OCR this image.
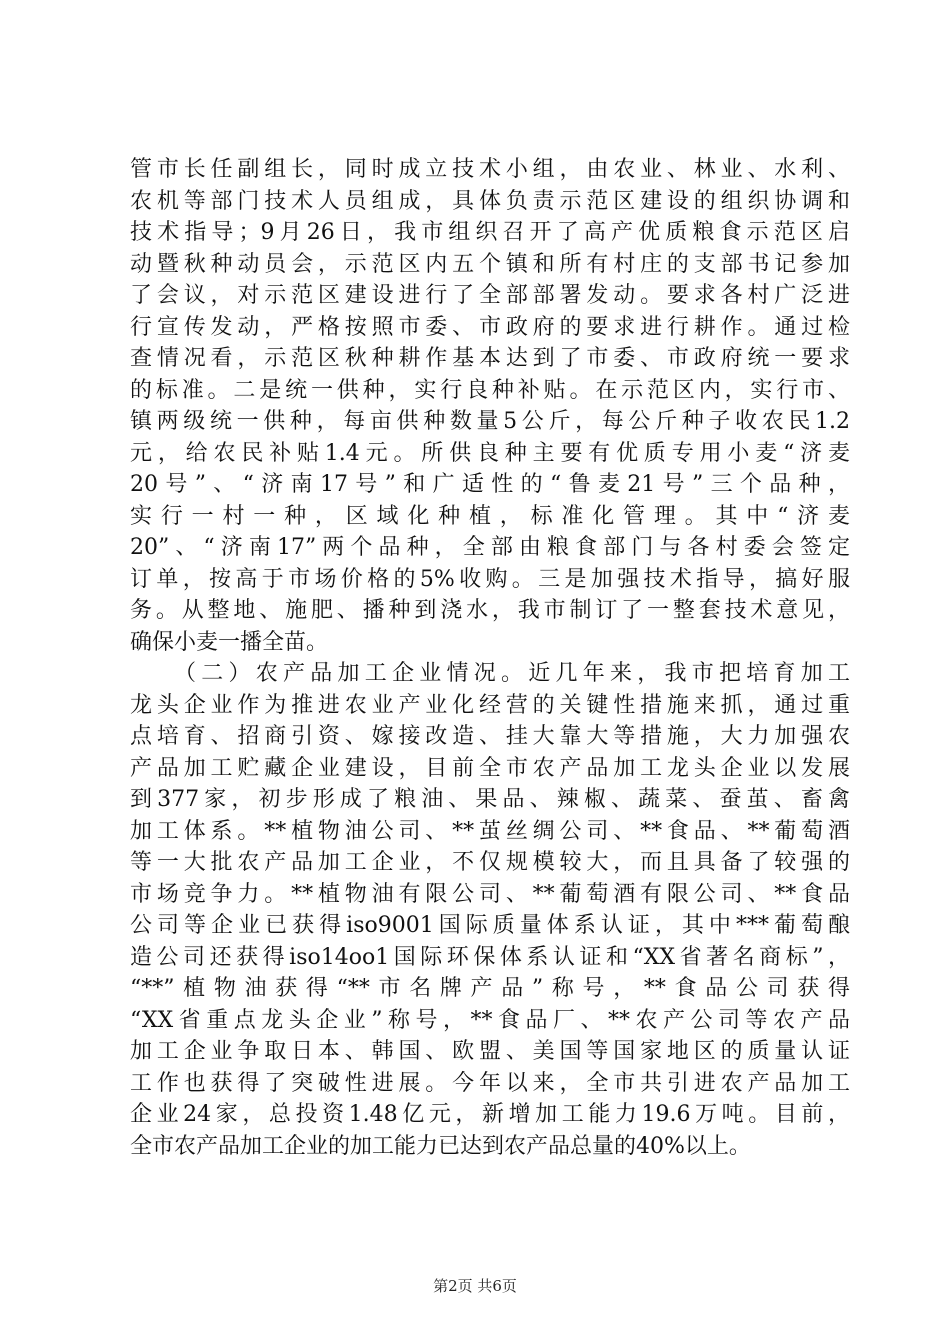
管市长任副组长，同时成立技术小组，由农业、林业、水利、
农机等部门技术人员组成，具体负责示范区建设的组织协调和
技术指导；9月26日，我市组织召开了高产优质粮食示范区启
动暨秋种动员会，示范区内五个镇和所有村庄的支部书记参加
了会议，对示范区建设进行了全部部署发动。要求各村广泛进
行宣传发动，严格按照市委、市政府的要求进行耕作。通过检
查情况看，示范区秋种耕作基本达到了市委、市政府统一要求
的标准。二是统一供种，实行良种补贴。在示范区内，实行市、
镇两级统一供种，每亩供种数量5公斤，每公斤种子收农民1.2
元，给农民补贴1.4元。所供良种主要有优质专用小麦“济麦
20号”、“济南17号”和广适性的“鲁麦21号”三个品种，
实行一村一种，区域化种植，标准化管理。其中“济麦
20”、“济南17”两个品种，全部由粮食部门与各村委会签定
订单，按高于市场价格的5%收购。三是加强技术指导，搞好服
务。从整地、施肥、播种到浇水，我市制订了一整套技术意见，
确保小麦一播全苗。
（二）农产品加工企业情况。近几年来，我市把培育加工
龙头企业作为推进农业产业化经营的关键性措施来抓，通过重
点培育、招商引资、嫁接改造、挂大靠大等措施，大力加强农
产品加工贮藏企业建设，目前全市农产品加工龙头企业以发展
到377家，初步形成了粮油、果品、辣椒、蔬菜、蚕茧、畜禽
加工体系。**植物油公司、**茧丝绸公司、**食品、**葡萄酒
等一大批农产品加工企业，不仅规模较大，而且具备了较强的
市场竞争力。**植物油有限公司、**葡萄酒有限公司、**食品
公司等企业已获得iso9001国际质量体系认证，其中***葡萄酿
造公司还获得iso14oo1国际环保体系认证和“XX省著名商标”，
“**”植物油获得“**市名牌产品”称号，**食品公司获得
“XX省重点龙头企业”称号，**食品厂、**农产公司等农产品
加工企业争取日本、韩国、欧盟、美国等国家地区的质量认证
工作也获得了突破性进展。今年以来，全市共引进农产品加工
企业24家，总投资1.48亿元，新增加工能力19.6万吨。目前，
全市农产品加工企业的加工能力已达到农产品总量的40%以上。
第2页 共6页
